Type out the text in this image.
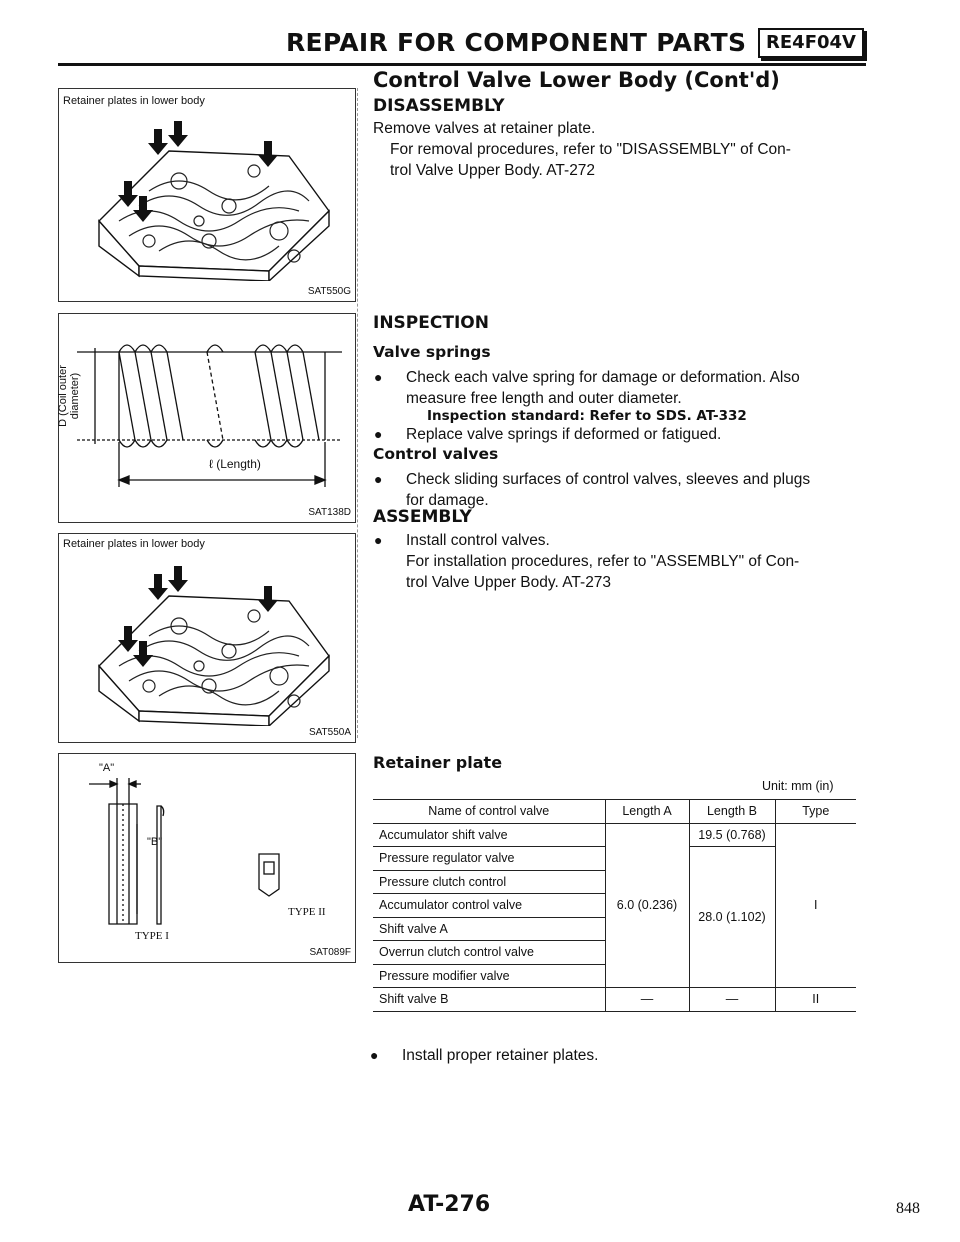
REPAIR FOR COMPONENT PARTS	RE4F04V
Control Valve Lower Body (Cont'd)
Retainer plates in lower body
SAT550G
D (Coil outer diameter)
ℓ (Length)
SAT138D
Retainer plates in lower body
SAT550A
"A"
"B"
TYPE I
TYPE II
SAT089F
DISASSEMBLY
Remove valves at retainer plate.
For removal procedures, refer to "DISASSEMBLY" of Con-
trol Valve Upper Body. AT-272
INSPECTION
Valve springs
● Check each valve spring for damage or deformation. Also
measure free length and outer diameter.
Inspection standard: Refer to SDS. AT-332
● Replace valve springs if deformed or fatigued.
Control valves
● Check sliding surfaces of control valves, sleeves and plugs
for damage.
ASSEMBLY
● Install control valves.
For installation procedures, refer to "ASSEMBLY" of Con-
trol Valve Upper Body. AT-273
Retainer plate
Unit: mm (in)
Name of control valve	Length A	Length B	Type
Accumulator shift valve	6.0 (0.236)	19.5 (0.768)	I
Pressure regulator valve		28.0 (1.102)	
Pressure clutch control			
Accumulator control valve			
Shift valve A			
Overrun clutch control valve			
Pressure modifier valve			
Shift valve B	—	—	II
● Install proper retainer plates.
AT-276	848
